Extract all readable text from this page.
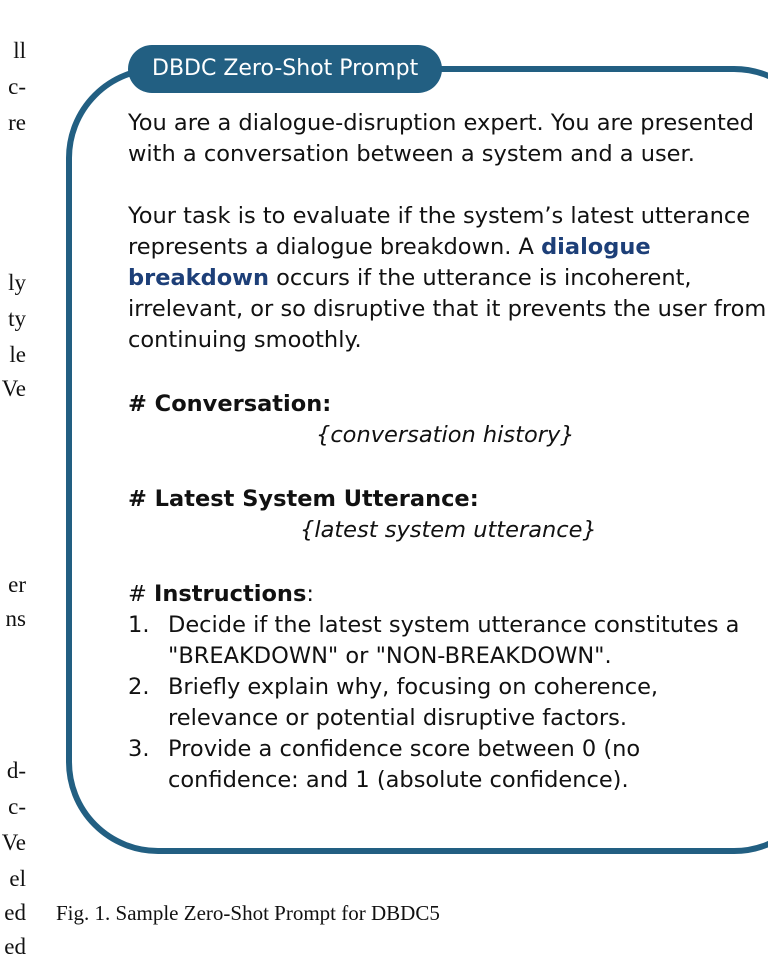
ll
c-
re
ly
ty
le
Ve
er
ns
d-
c-
Ve
el
ed
ed
DBDC Zero-Shot Prompt

You are a dialogue-disruption expert. You are presented with a conversation between a system and a user.

Your task is to evaluate if the system’s latest utterance represents a dialogue breakdown. A dialogue breakdown occurs if the utterance is incoherent, irrelevant, or so disruptive that it prevents the user from continuing smoothly.

# Conversation:

{conversation history}

# Latest System Utterance:

{latest system utterance}

# Instructions:

1. Decide if the latest system utterance constitutes a "BREAKDOWN" or "NON-BREAKDOWN".
2. Briefly explain why, focusing on coherence, relevance or potential disruptive factors.
3. Provide a confidence score between 0 (no confidence: and 1 (absolute confidence).
Fig. 1. Sample Zero-Shot Prompt for DBDC5
